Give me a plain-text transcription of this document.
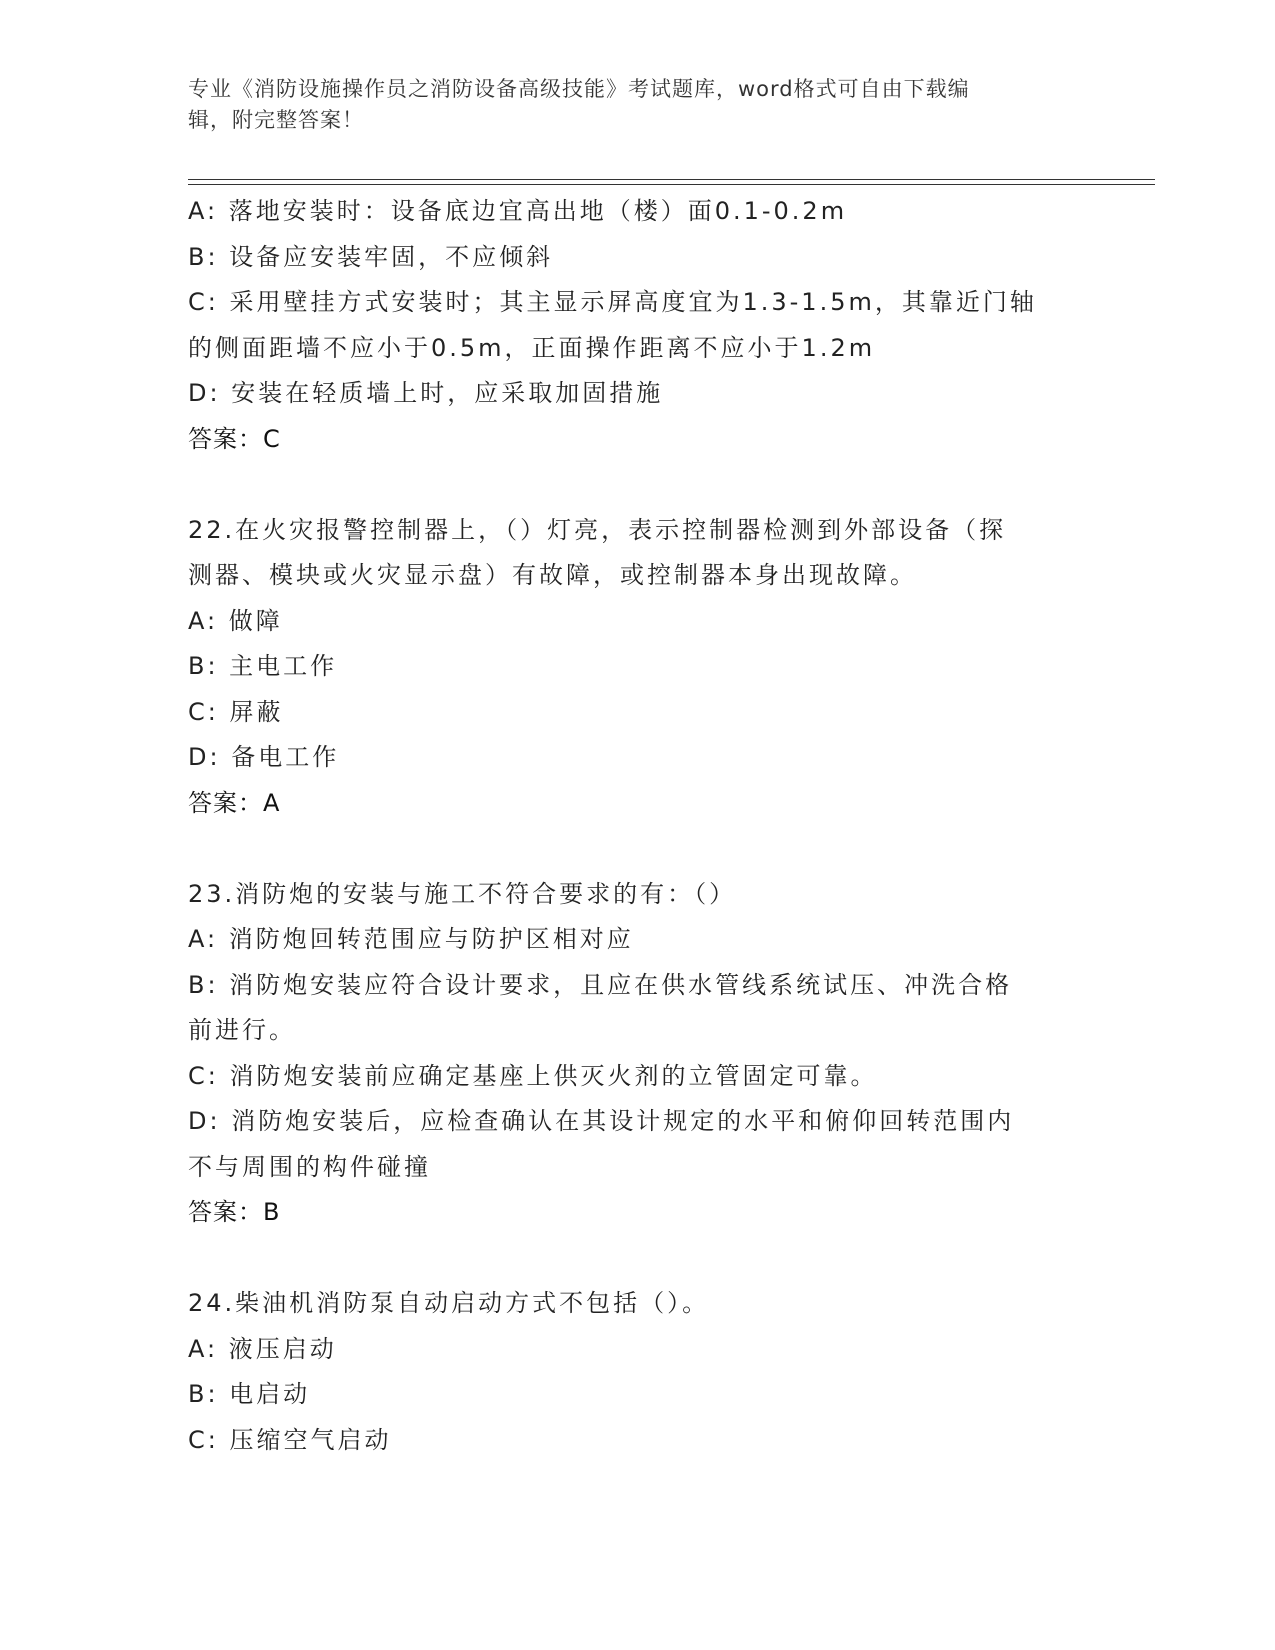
专业《消防设施操作员之消防设备高级技能》考试题库，word格式可自由下载编
辑，附完整答案！
A: 落地安装时：设备底边宜高出地（楼）面0.1-0.2m
B: 设备应安装牢固，不应倾斜
C: 采用壁挂方式安装时；其主显示屏高度宜为1.3-1.5m，其靠近门轴
的侧面距墙不应小于0.5m，正面操作距离不应小于1.2m
D: 安装在轻质墙上时，应采取加固措施
答案：C
22.在火灾报警控制器上，（）灯亮，表示控制器检测到外部设备（探
测器、模块或火灾显示盘）有故障，或控制器本身出现故障。
A: 做障
B: 主电工作
C: 屏蔽
D: 备电工作
答案：A
23.消防炮的安装与施工不符合要求的有：（）
A: 消防炮回转范围应与防护区相对应
B: 消防炮安装应符合设计要求，且应在供水管线系统试压、冲洗合格
前进行。
C: 消防炮安装前应确定基座上供灭火剂的立管固定可靠。
D: 消防炮安装后，应检查确认在其设计规定的水平和俯仰回转范围内
不与周围的构件碰撞
答案：B
24.柴油机消防泵自动启动方式不包括（）。
A: 液压启动
B: 电启动
C: 压缩空气启动
